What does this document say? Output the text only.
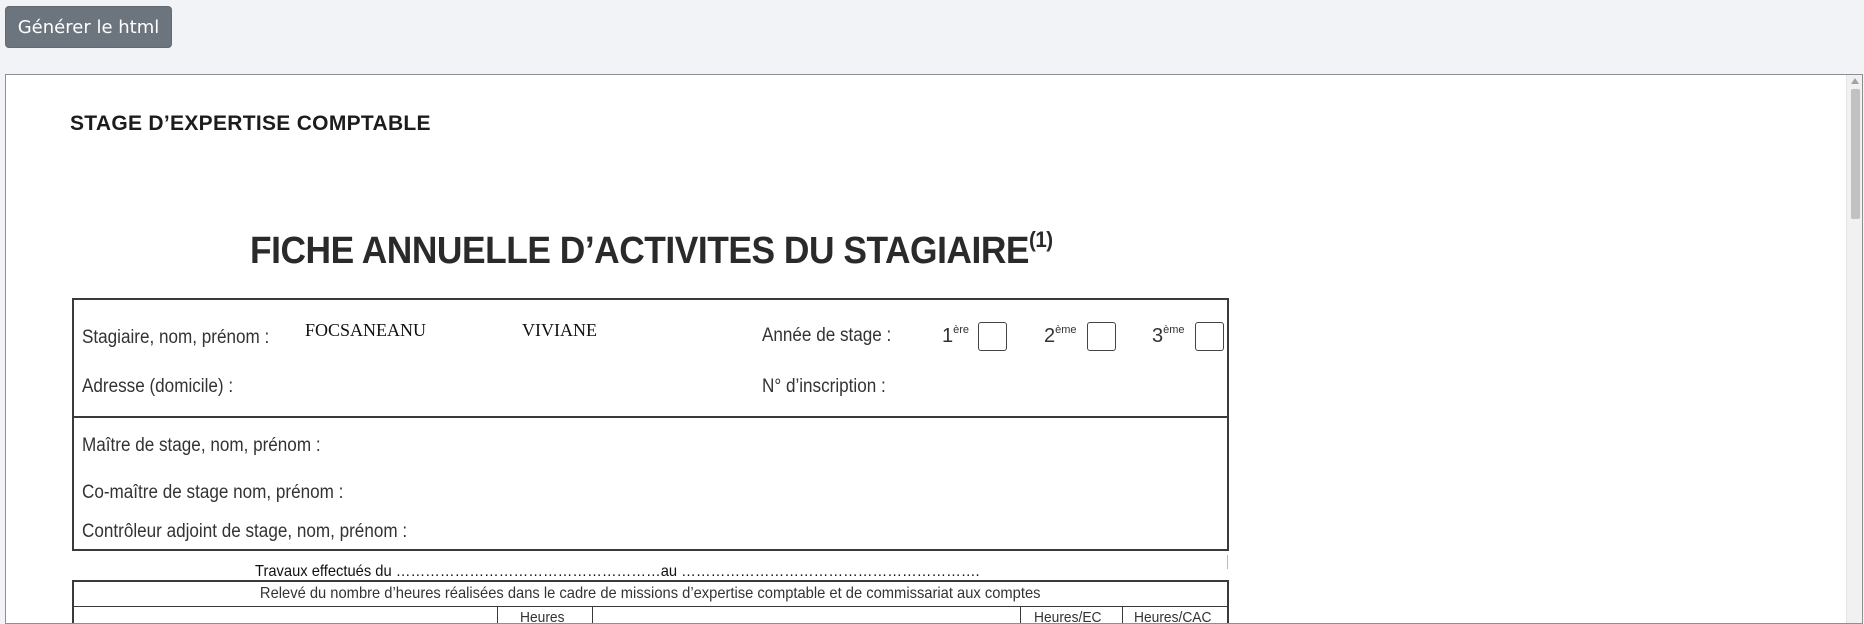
Générer le html
STAGE D’EXPERTISE COMPTABLE
FICHE ANNUELLE D’ACTIVITES DU STAGIAIRE$^{(1)}$
Stagiaire, nom, prénom : FOCSANEANU	VIVIANE
Adresse (domicile) :
Année de stage :	1ère	2ème	3ème
N° d’inscription :
Maître de stage, nom, prénom :
Co-maître de stage nom, prénom :
Contrôleur adjoint de stage, nom, prénom :
Travaux effectués du ………………………………………………au …………………………………………………….
Relevé du nombre d’heures réalisées dans le cadre de missions d’expertise comptable et de commissariat aux comptes
Heures	Heures/EC Heures/CAC
